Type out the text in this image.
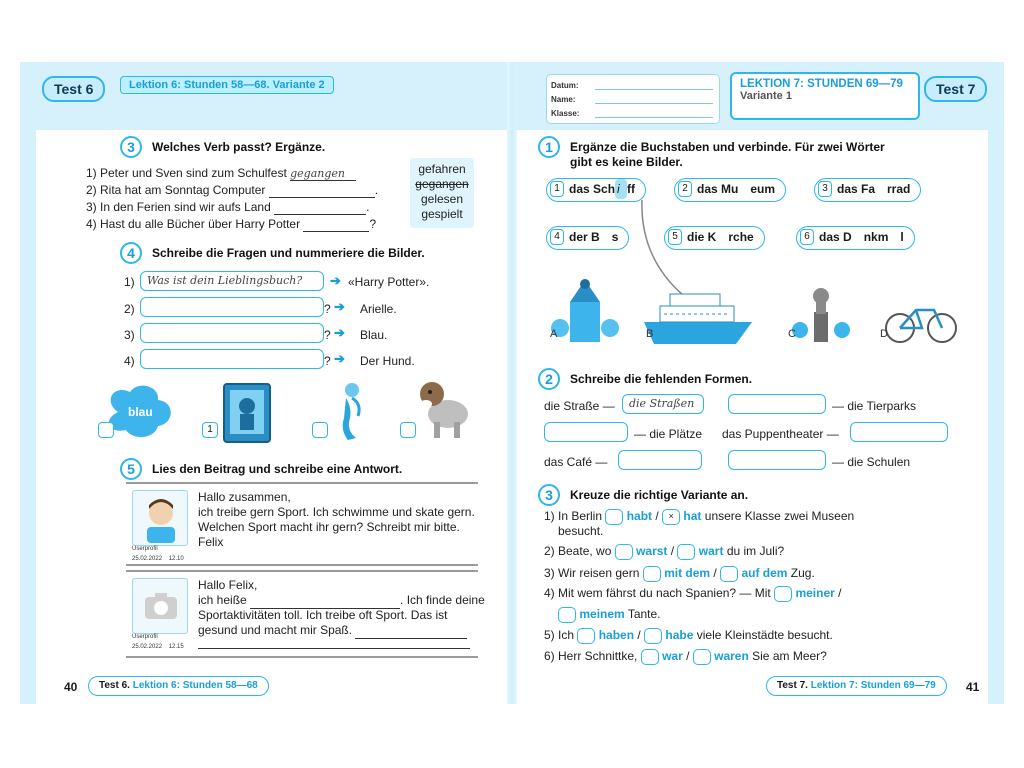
Test 6	Lektion 6: Stunden 58—68. Variante 2
3	Welches Verb passt? Ergänze.
1) Peter und Sven sind zum Schulfest gegangen
2) Rita hat am Sonntag Computer	.
3) In den Ferien sind wir aufs Land	.
4) Hast du alle Bücher über Harry Potter	?
gefahren
gegangen
gelesen
gespielt
4	Schreibe die Fragen und nummeriere die Bilder.
1)	Was ist dein Lieblingsbuch?	➔ «Harry Potter».
2)	? ➔ Arielle.
3)	? ➔ Blau.
4)	? ➔ Der Hund.
blau
1
5	Lies den Beitrag und schreibe eine Antwort.
Userprofil
25.02.2022 12.10
Hallo zusammen,
ich treibe gern Sport. Ich schwimme und skate gern.
Welchen Sport macht ihr gern? Schreibt mir bitte.
Felix
Userprofil
25.02.2022 12.15
Hallo Felix,
ich heiße	. Ich finde deine
Sportaktivitäten toll. Ich treibe oft Sport. Das ist
gesund und macht mir Spaß.
40	Test 6. Lektion 6: Stunden 58—68
Datum:
Name:
Klasse:
LEKTION 7: STUNDEN 69—79
Variante 1	Test 7
1	Ergänze die Buchstaben und verbinde. Für zwei Wörter
gibt es keine Bilder.
1 das Sch i ff	2 das Mu eum	3 das Fa rrad
4 der B s	5 die K rche	6 das D nkm l
A	B	C	D
2	Schreibe die fehlenden Formen.
die Straße —	die Straßen	— die Tierparks
— die Plätze das Puppentheater —
das Café —	— die Schulen
3	Kreuze die richtige Variante an.
1) In Berlin habt / × hat unsere Klasse zwei Museen
besucht.
2) Beate, wo warst /  wart du im Juli?
3) Wir reisen gern mit dem /  auf dem Zug.
4) Mit wem fährst du nach Spanien? — Mit meiner /
meinem Tante.
5) Ich haben /  habe viele Kleinstädte besucht.
6) Herr Schnittke, war /  waren Sie am Meer?
Test 7. Lektion 7: Stunden 69—79	41
